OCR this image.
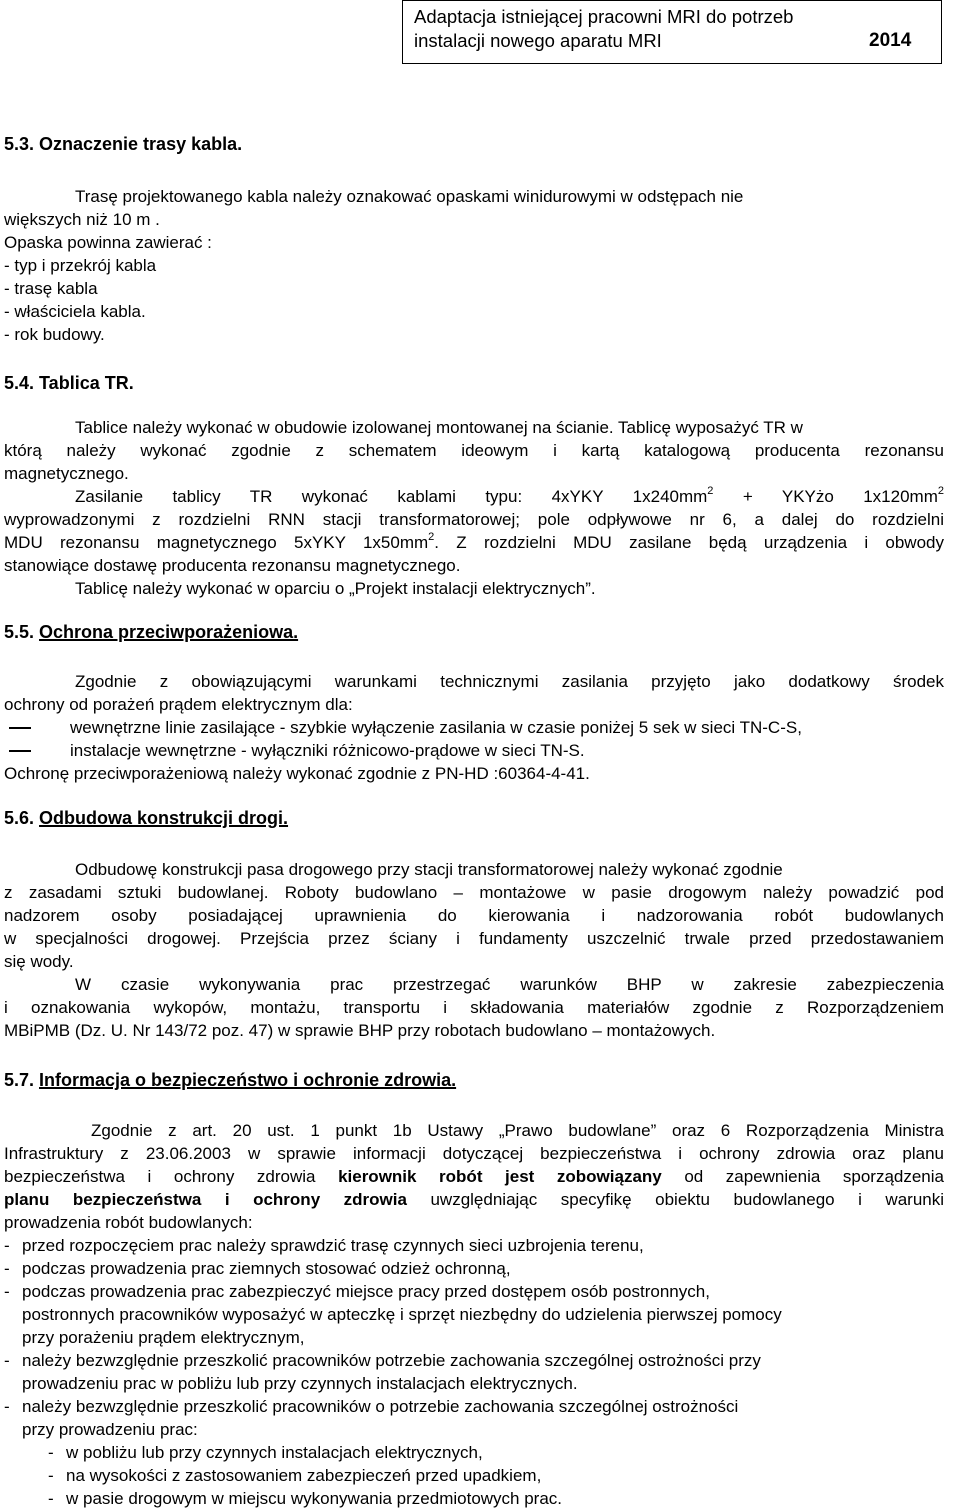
Adaptacja istniejącej pracowni MRI do potrzeb instalacji nowego aparatu MRI	2014
5.3. Oznaczenie trasy kabla.
Trasę projektowanego kabla należy oznakować opaskami winidurowymi w odstępach nie
większych niż 10 m .
Opaska powinna zawierać :
- typ i przekrój kabla
- trasę kabla
- właściciela kabla.
- rok budowy.
5.4. Tablica TR.
Tablice należy wykonać w obudowie izolowanej montowanej na ścianie. Tablicę wyposażyć TR w
którą należy wykonać zgodnie z schematem ideowym i kartą katalogową producenta rezonansu
magnetycznego.
Zasilanie tablicy TR wykonać kablami typu: 4xYKY $1x240mm^2$ + YKYżo $1x120mm^2$
wyprowadzonymi z rozdzielni RNN stacji transformatorowej; pole odpływowe nr 6, a dalej do rozdzielni
MDU rezonansu magnetycznego 5xYKY $1x50mm^2$. Z rozdzielni MDU zasilane będą urządzenia i obwody
stanowiące dostawę producenta rezonansu magnetycznego.
Tablicę należy wykonać w oparciu o „Projekt instalacji elektrycznych”.
5.5. Ochrona przeciwporażeniowa.
Zgodnie z obowiązującymi warunkami technicznymi zasilania przyjęto jako dodatkowy środek
ochrony od porażeń prądem elektrycznym dla:
wewnętrzne linie zasilające - szybkie wyłączenie zasilania w czasie poniżej 5 sek w sieci TN-C-S,
instalacje wewnętrzne - wyłączniki różnicowo-prądowe w sieci TN-S.
Ochronę przeciwporażeniową należy wykonać zgodnie z PN-HD :60364-4-41.
5.6. Odbudowa konstrukcji drogi.
Odbudowę konstrukcji pasa drogowego przy stacji transformatorowej należy wykonać zgodnie
z zasadami sztuki budowlanej. Roboty budowlano – montażowe w pasie drogowym należy powadzić pod
nadzorem osoby posiadającej uprawnienia do kierowania i nadzorowania robót budowlanych
w specjalności drogowej. Przejścia przez ściany i fundamenty uszczelnić trwale przed przedostawaniem
się wody.
W czasie wykonywania prac przestrzegać warunków BHP w zakresie zabezpieczenia
i oznakowania wykopów, montażu, transportu i składowania materiałów zgodnie z Rozporządzeniem
MBiPMB (Dz. U. Nr 143/72 poz. 47) w sprawie BHP przy robotach budowlano – montażowych.
5.7. Informacja o bezpieczeństwo i ochronie zdrowia.
Zgodnie z art. 20 ust. 1 punkt 1b Ustawy „Prawo budowlane” oraz 6 Rozporządzenia Ministra
Infrastruktury z 23.06.2003 w sprawie informacji dotyczącej bezpieczeństwa i ochrony zdrowia oraz planu
bezpieczeństwa i ochrony zdrowia kierownik robót jest zobowiązany od zapewnienia sporządzenia
planu bezpieczeństwa i ochrony zdrowia uwzględniając specyfikę obiektu budowlanego i warunki
prowadzenia robót budowlanych:
- przed rozpoczęciem prac należy sprawdzić trasę czynnych sieci uzbrojenia terenu,
- podczas prowadzenia prac ziemnych stosować odzież ochronną,
- podczas prowadzenia prac zabezpieczyć miejsce pracy przed dostępem osób postronnych,
postronnych pracowników wyposażyć w apteczkę i sprzęt niezbędny do udzielenia pierwszej pomocy
przy porażeniu prądem elektrycznym,
- należy bezwzględnie przeszkolić pracowników potrzebie zachowania szczególnej ostrożności przy
prowadzeniu prac w pobliżu lub przy czynnych instalacjach elektrycznych.
- należy bezwzględnie przeszkolić pracowników o potrzebie zachowania szczególnej ostrożności
przy prowadzeniu prac:
- w pobliżu lub przy czynnych instalacjach elektrycznych,
- na wysokości z zastosowaniem zabezpieczeń przed upadkiem,
- w pasie drogowym w miejscu wykonywania przedmiotowych prac.
